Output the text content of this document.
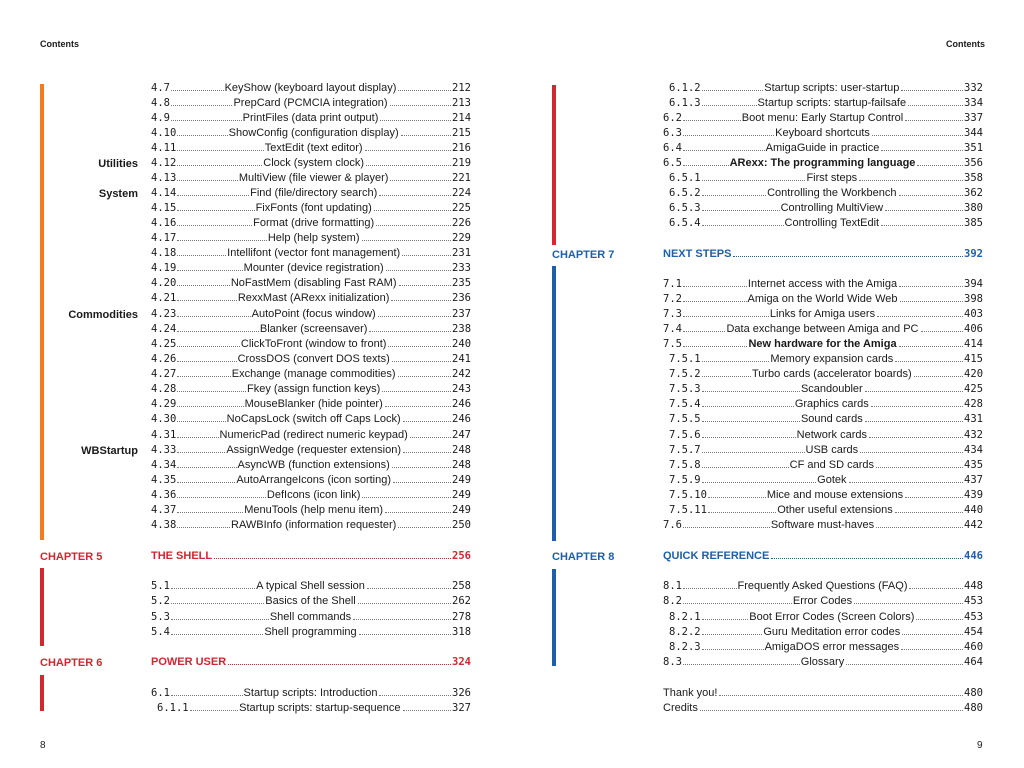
Contents	Contents
8	9
Utilities
System
Commodities
WBStartup
CHAPTER 5
CHAPTER 6
CHAPTER 7
CHAPTER 8
4.7	KeyShow (keyboard layout display)	212
4.8	PrepCard (PCMCIA integration)	213
4.9	PrintFiles (data print output)	214
4.10	ShowConfig (configuration display)	215
4.11	TextEdit (text editor)	216
4.12	Clock (system clock)	219
4.13	MultiView (file viewer & player)	221
4.14	Find (file/directory search)	224
4.15	FixFonts (font updating)	225
4.16	Format (drive formatting)	226
4.17	Help (help system)	229
4.18	Intellifont (vector font management)	231
4.19	Mounter (device registration)	233
4.20	NoFastMem (disabling Fast RAM)	235
4.21	RexxMast (ARexx initialization)	236
4.23	AutoPoint (focus window)	237
4.24	Blanker (screensaver)	238
4.25	ClickToFront (window to front)	240
4.26	CrossDOS (convert DOS texts)	241
4.27	Exchange (manage commodities)	242
4.28	Fkey (assign function keys)	243
4.29	MouseBlanker (hide pointer)	246
4.30	NoCapsLock (switch off Caps Lock)	246
4.31	NumericPad (redirect numeric keypad)	247
4.33	AssignWedge (requester extension)	248
4.34	AsyncWB (function extensions)	248
4.35	AutoArrangeIcons (icon sorting)	249
4.36	DefIcons (icon link)	249
4.37	MenuTools (help menu item)	249
4.38	RAWBInfo (information requester)	250
THE SHELL	256
5.1	A typical Shell session	258
5.2	Basics of the Shell	262
5.3	Shell commands	278
5.4	Shell programming	318
POWER USER	324
6.1	Startup scripts: Introduction	326
6.1.1	Startup scripts: startup-sequence	327
6.1.2	Startup scripts: user-startup	332
6.1.3	Startup scripts: startup-failsafe	334
6.2	Boot menu: Early Startup Control	337
6.3	Keyboard shortcuts	344
6.4	AmigaGuide in practice	351
6.5	ARexx: The programming language	356
6.5.1	First steps	358
6.5.2	Controlling the Workbench	362
6.5.3	Controlling MultiView	380
6.5.4	Controlling TextEdit	385
NEXT STEPS	392
7.1	Internet access with the Amiga	394
7.2	Amiga on the World Wide Web	398
7.3	Links for Amiga users	403
7.4	Data exchange between Amiga and PC	406
7.5	New hardware for the Amiga	414
7.5.1	Memory expansion cards	415
7.5.2	Turbo cards (accelerator boards)	420
7.5.3	Scandoubler	425
7.5.4	Graphics cards	428
7.5.5	Sound cards	431
7.5.6	Network cards	432
7.5.7	USB cards	434
7.5.8	CF and SD cards	435
7.5.9	Gotek	437
7.5.10	Mice and mouse extensions	439
7.5.11	Other useful extensions	440
7.6	Software must-haves	442
QUICK REFERENCE	446
8.1	Frequently Asked Questions (FAQ)	448
8.2	Error Codes	453
8.2.1	Boot Error Codes (Screen Colors)	453
8.2.2	Guru Meditation error codes	454
8.2.3	AmigaDOS error messages	460
8.3	Glossary	464
Thank you!	480
Credits	480
